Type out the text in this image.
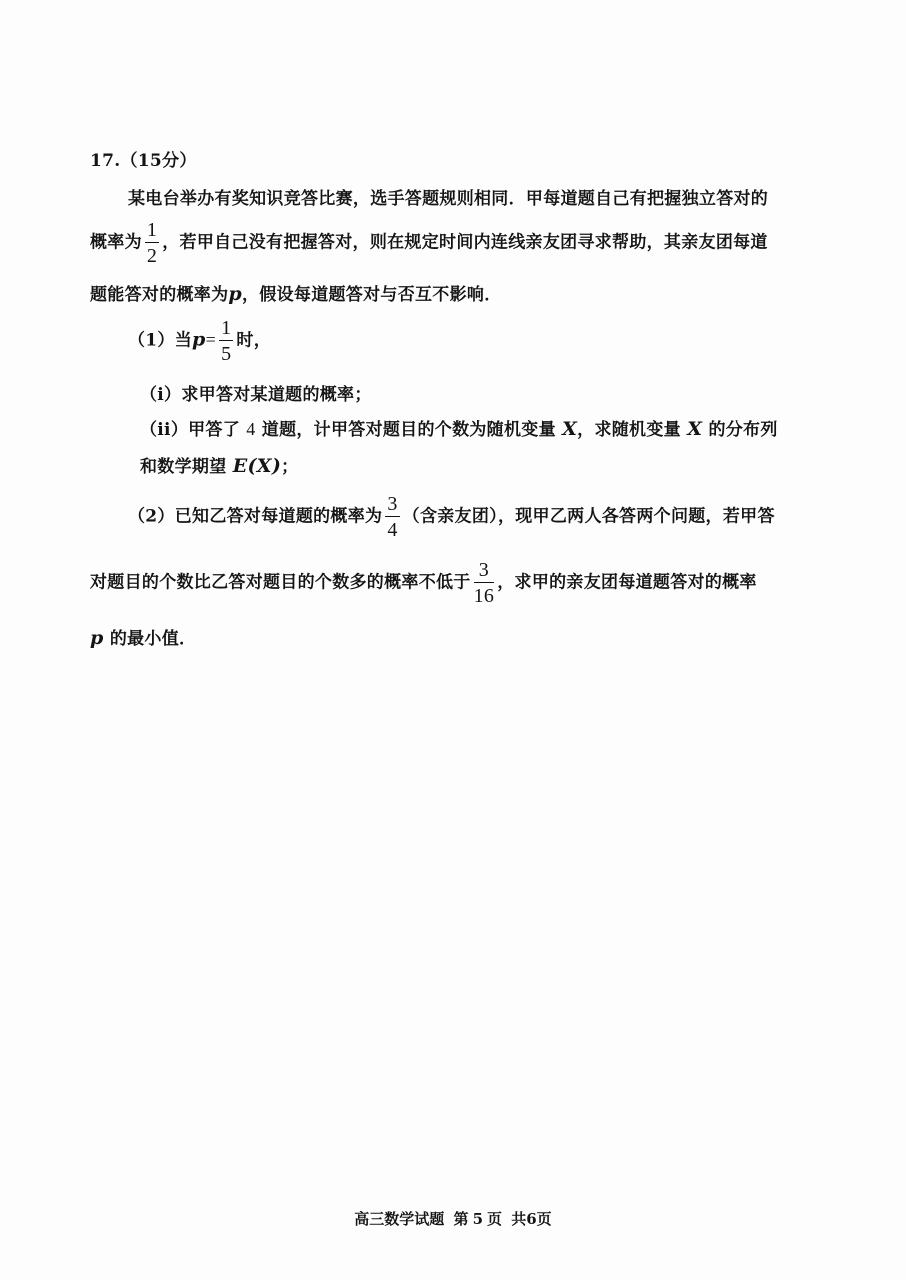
17.（15分）
某电台举办有奖知识竞答比赛，选手答题规则相同．甲每道题自己有把握独立答对的
概率为 $\frac{1}{2}$ ，若甲自己没有把握答对，则在规定时间内连线亲友团寻求帮助，其亲友团每道
题能答对的概率为p，假设每道题答对与否互不影响．
（1）当$p= \frac{1}{5}$ 时，
（i）求甲答对某道题的概率；
（ii）甲答了 4 道题，计甲答对题目的个数为随机变量 X，求随机变量 X 的分布列
和数学期望 E(X)；
（2）已知乙答对每道题的概率为 $\frac{3}{4}$ （含亲友团），现甲乙两人各答两个问题，若甲答
对题目的个数比乙答对题目的个数多的概率不低于 $\frac{3}{16}$ ，求甲的亲友团每道题答对的概率
p 的最小值．
高三数学试题 第 5 页 共6页
